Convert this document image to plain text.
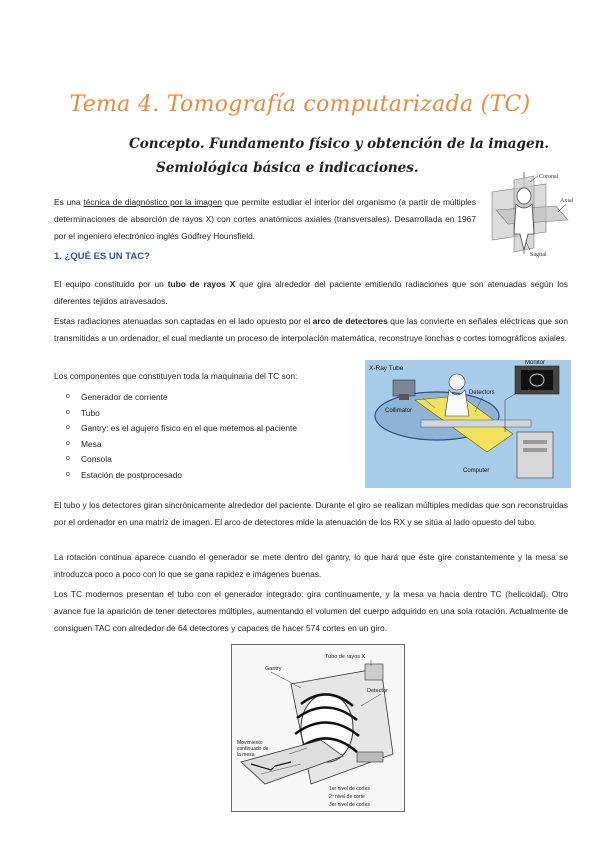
Tema 4. Tomografía computarizada (TC)
Concepto. Fundamento físico y obtención de la imagen.
Semiológica básica e indicaciones.
Coronal
Axial
Sagital
Es una técnica de diagnóstico por la imagen que permite estudiar el interior del organismo (a partir de múltiples determinaciones de absorción de rayos X) con cortes anatómicos axiales (transversales). Desarrollada en 1967 por el ingeniero electrónico inglés Godfrey Hounsfield.
1. ¿QUÉ ES UN TAC?
El equipo constituido por un tubo de rayos X que gira alrededor del paciente emitiendo radiaciones que son atenuadas según los diferentes tejidos atravesados.
Estas radiaciones atenuadas son captadas en el lado opuesto por el arco de detectores que las convierte en señales eléctricas que son transmitidas a un ordenador, el cual mediante un proceso de interpolación matemática, reconstruye lonchas o cortes tomográficos axiales.
Los componentes que constituyen toda la maquinaria del TC son:
o Generador de corriente
o Tubo
o Gantry: es el agujero físico en el que metemos al paciente
o Mesa
o Consola
o Estación de postprocesado
X-Ray Tube
Monitor
Collimator
Detectors
Computer
El tubo y los detectores giran sincrónicamente alrededor del paciente. Durante el giro se realizan múltiples medidas que son reconstruidas por el ordenador en una matriz de imagen. El arco de detectores mide la atenuación de los RX y se sitúa al lado opuesto del tubo.
La rotación continua aparece cuando el generador se mete dentro del gantry, lo que hará que éste gire constantemente y la mesa se introduzca poco a poco con lo que se gana rapidez e imágenes buenas.
Los TC modernos presentan el tubo con el generador integrado: gira continuamente, y la mesa va hacia dentro TC (helicoidal). Otro avance fue la aparición de tener detectores múltiples, aumentando el volumen del cuerpo adquirido en una sola rotación. Actualmente de consiguen TAC con alrededor de 64 detectores y capaces de hacer 574 cortes en un giro.
Gantry
Tubo de rayos X
Detector
Movimiento continuado de la mesa
1er nivel de cortes
2º nivel de corte
3er nivel de cortes
